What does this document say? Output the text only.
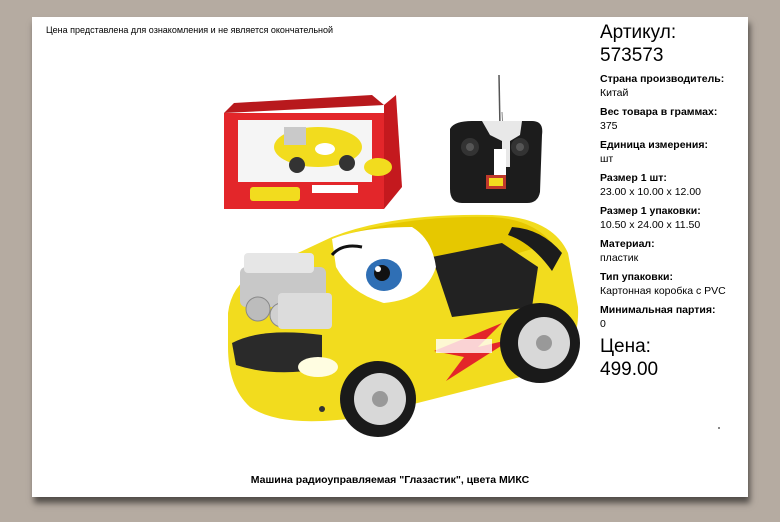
Цена представлена для ознакомления и не является окончательной	Артикул:
573573
Страна производитель:
Китай
Вес товара в граммах:
375
Единица измерения:
шт
Размер 1 шт:
23.00 x 10.00 x 12.00
Размер 1 упаковки:
10.50 x 24.00 x 11.50
Материал:
пластик
Тип упаковки:
Картонная коробка с PVC
Минимальная партия:
0
Цена:
499.00
Машина радиоуправляемая "Глазастик", цвета МИКС
